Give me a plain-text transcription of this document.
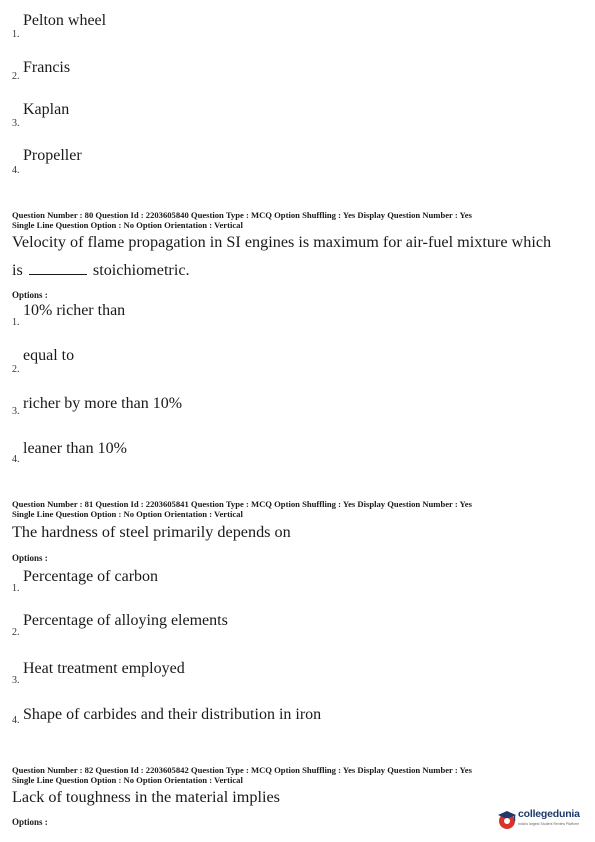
1.
Pelton wheel
2.
Francis
3.
Kaplan
4.
Propeller
Question Number : 80 Question Id : 2203605840 Question Type : MCQ Option Shuffling : Yes Display Question Number : Yes
Single Line Question Option : No Option Orientation : Vertical
Velocity of flame propagation in SI engines is maximum for air-fuel mixture which
is	stoichiometric.
Options :
1.
10% richer than
2.
equal to
3. richer by more than 10%
4.
leaner than 10%
Question Number : 81 Question Id : 2203605841 Question Type : MCQ Option Shuffling : Yes Display Question Number : Yes
Single Line Question Option : No Option Orientation : Vertical
The hardness of steel primarily depends on
Options :
1.
Percentage of carbon
2.
Percentage of alloying elements
3.
Heat treatment employed
4. Shape of carbides and their distribution in iron
Question Number : 82 Question Id : 2203605842 Question Type : MCQ Option Shuffling : Yes Display Question Number : Yes
Single Line Question Option : No Option Orientation : Vertical
Lack of toughness in the material implies
Options :
collegedunia
India's largest Student Review Platform
